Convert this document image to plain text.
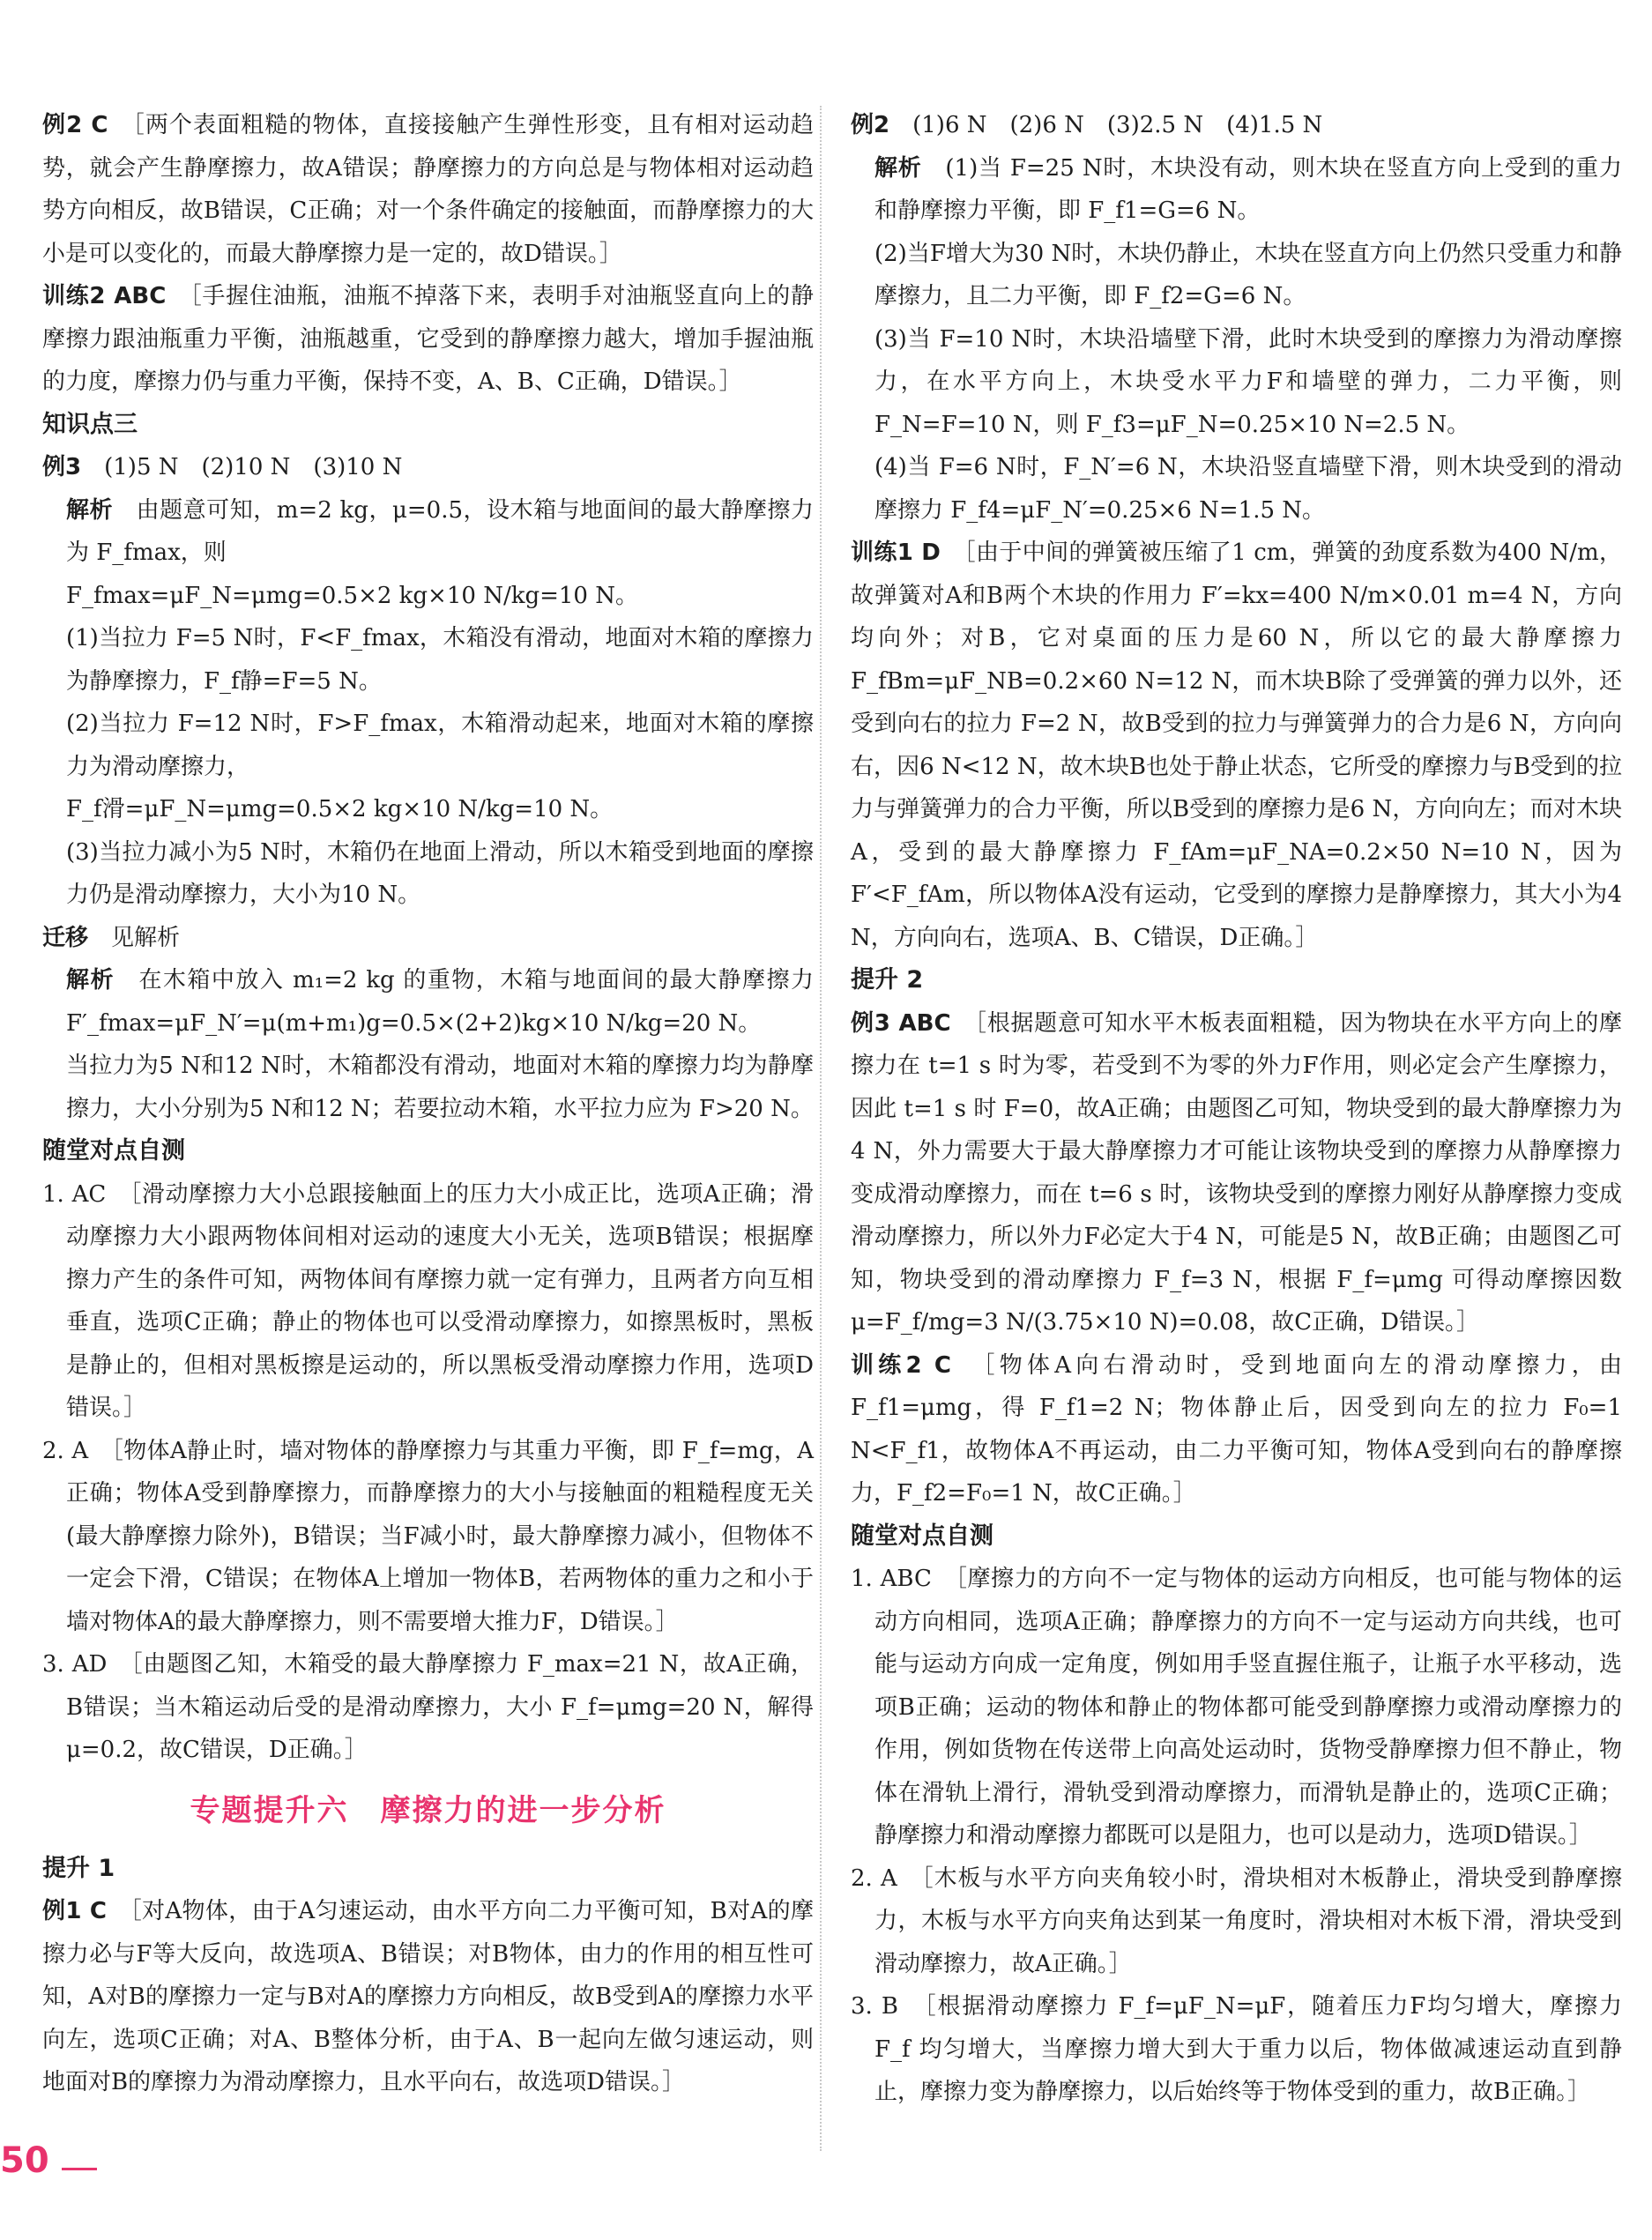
例2 C　 ［两个表面粗糙的物体，直接接触产生弹性形变，且有相对运动趋势，就会产生静摩擦力，故A错误；静摩擦力的方向总是与物体相对运动趋势方向相反，故B错误，C正确；对一个条件确定的接触面，而静摩擦力的大小是可以变化的，而最大静摩擦力是一定的，故D错误。］

训练2 ABC　 ［手握住油瓶，油瓶不掉落下来，表明手对油瓶竖直向上的静摩擦力跟油瓶重力平衡，油瓶越重，它受到的静摩擦力越大，增加手握油瓶的力度，摩擦力仍与重力平衡，保持不变，A、B、C正确，D错误。］

知识点三

例3　 (1)5 N　(2)10 N　(3)10 N

解析　 由题意可知，m=2 kg，μ=0.5，设木箱与地面间的最大静摩擦力为 F_fmax，则

F_fmax=μF_N=μmg=0.5×2 kg×10 N/kg=10 N。

(1)当拉力 F=5 N时，F<F_fmax，木箱没有滑动，地面对木箱的摩擦力为静摩擦力，F_f静=F=5 N。

(2)当拉力 F=12 N时，F>F_fmax，木箱滑动起来，地面对木箱的摩擦力为滑动摩擦力，

F_f滑=μF_N=μmg=0.5×2 kg×10 N/kg=10 N。

(3)当拉力减小为5 N时，木箱仍在地面上滑动，所以木箱受到地面的摩擦力仍是滑动摩擦力，大小为10 N。

迁移　 见解析

解析　 在木箱中放入 m₁=2 kg 的重物，木箱与地面间的最大静摩擦力 F′_fmax=μF_N′=μ(m+m₁)g=0.5×(2+2)kg×10 N/kg=20 N。

当拉力为5 N和12 N时，木箱都没有滑动，地面对木箱的摩擦力均为静摩擦力，大小分别为5 N和12 N；若要拉动木箱，水平拉力应为 F>20 N。

随堂对点自测

1. AC　［滑动摩擦力大小总跟接触面上的压力大小成正比，选项A正确；滑动摩擦力大小跟两物体间相对运动的速度大小无关，选项B错误；根据摩擦力产生的条件可知，两物体间有摩擦力就一定有弹力，且两者方向互相垂直，选项C正确；静止的物体也可以受滑动摩擦力，如擦黑板时，黑板是静止的，但相对黑板擦是运动的，所以黑板受滑动摩擦力作用，选项D错误。］

2. A　［物体A静止时，墙对物体的静摩擦力与其重力平衡，即 F_f=mg，A正确；物体A受到静摩擦力，而静摩擦力的大小与接触面的粗糙程度无关(最大静摩擦力除外)，B错误；当F减小时，最大静摩擦力减小，但物体不一定会下滑，C错误；在物体A上增加一物体B，若两物体的重力之和小于墙对物体A的最大静摩擦力，则不需要增大推力F，D错误。］

3. AD　［由题图乙知，木箱受的最大静摩擦力 F_max=21 N，故A正确，B错误；当木箱运动后受的是滑动摩擦力，大小 F_f=μmg=20 N，解得 μ=0.2，故C错误，D正确。］

专题提升六　摩擦力的进一步分析

提升 1

例1 C　 ［对A物体，由于A匀速运动，由水平方向二力平衡可知，B对A的摩擦力必与F等大反向，故选项A、B错误；对B物体，由力的作用的相互性可知，A对B的摩擦力一定与B对A的摩擦力方向相反，故B受到A的摩擦力水平向左，选项C正确；对A、B整体分析，由于A、B一起向左做匀速运动，则地面对B的摩擦力为滑动摩擦力，且水平向右，故选项D错误。］

例2　 (1)6 N　(2)6 N　(3)2.5 N　(4)1.5 N

解析　 (1)当 F=25 N时，木块没有动，则木块在竖直方向上受到的重力和静摩擦力平衡，即 F_f1=G=6 N。

(2)当F增大为30 N时，木块仍静止，木块在竖直方向上仍然只受重力和静摩擦力，且二力平衡，即 F_f2=G=6 N。

(3)当 F=10 N时，木块沿墙壁下滑，此时木块受到的摩擦力为滑动摩擦力，在水平方向上，木块受水平力F和墙壁的弹力，二力平衡，则 F_N=F=10 N，则 F_f3=μF_N=0.25×10 N=2.5 N。

(4)当 F=6 N时，F_N′=6 N，木块沿竖直墙壁下滑，则木块受到的滑动摩擦力 F_f4=μF_N′=0.25×6 N=1.5 N。

训练1 D　 ［由于中间的弹簧被压缩了1 cm，弹簧的劲度系数为400 N/m，故弹簧对A和B两个木块的作用力 F′=kx=400 N/m×0.01 m=4 N，方向均向外；对B，它对桌面的压力是60 N，所以它的最大静摩擦力 F_fBm=μF_NB=0.2×60 N=12 N，而木块B除了受弹簧的弹力以外，还受到向右的拉力 F=2 N，故B受到的拉力与弹簧弹力的合力是6 N，方向向右，因6 N<12 N，故木块B也处于静止状态，它所受的摩擦力与B受到的拉力与弹簧弹力的合力平衡，所以B受到的摩擦力是6 N，方向向左；而对木块A，受到的最大静摩擦力 F_fAm=μF_NA=0.2×50 N=10 N，因为 F′<F_fAm，所以物体A没有运动，它受到的摩擦力是静摩擦力，其大小为4 N，方向向右，选项A、B、C错误，D正确。］

提升 2

例3 ABC　 ［根据题意可知水平木板表面粗糙，因为物块在水平方向上的摩擦力在 t=1 s 时为零，若受到不为零的外力F作用，则必定会产生摩擦力，因此 t=1 s 时 F=0，故A正确；由题图乙可知，物块受到的最大静摩擦力为4 N，外力需要大于最大静摩擦力才可能让该物块受到的摩擦力从静摩擦力变成滑动摩擦力，而在 t=6 s 时，该物块受到的摩擦力刚好从静摩擦力变成滑动摩擦力，所以外力F必定大于4 N，可能是5 N，故B正确；由题图乙可知，物块受到的滑动摩擦力 F_f=3 N，根据 F_f=μmg 可得动摩擦因数 μ=F_f/mg=3 N/(3.75×10 N)=0.08，故C正确，D错误。］

训练2 C　 ［物体A向右滑动时，受到地面向左的滑动摩擦力，由 F_f1=μmg，得 F_f1=2 N；物体静止后，因受到向左的拉力 F₀=1 N<F_f1，故物体A不再运动，由二力平衡可知，物体A受到向右的静摩擦力，F_f2=F₀=1 N，故C正确。］

随堂对点自测

1. ABC　［摩擦力的方向不一定与物体的运动方向相反，也可能与物体的运动方向相同，选项A正确；静摩擦力的方向不一定与运动方向共线，也可能与运动方向成一定角度，例如用手竖直握住瓶子，让瓶子水平移动，选项B正确；运动的物体和静止的物体都可能受到静摩擦力或滑动摩擦力的作用，例如货物在传送带上向高处运动时，货物受静摩擦力但不静止，物体在滑轨上滑行，滑轨受到滑动摩擦力，而滑轨是静止的，选项C正确；静摩擦力和滑动摩擦力都既可以是阻力，也可以是动力，选项D错误。］

2. A　［木板与水平方向夹角较小时，滑块相对木板静止，滑块受到静摩擦力，木板与水平方向夹角达到某一角度时，滑块相对木板下滑，滑块受到滑动摩擦力，故A正确。］

3. B　［根据滑动摩擦力 F_f=μF_N=μF，随着压力F均匀增大，摩擦力 F_f 均匀增大，当摩擦力增大到大于重力以后，物体做减速运动直到静止，摩擦力变为静摩擦力，以后始终等于物体受到的重力，故B正确。］

50
